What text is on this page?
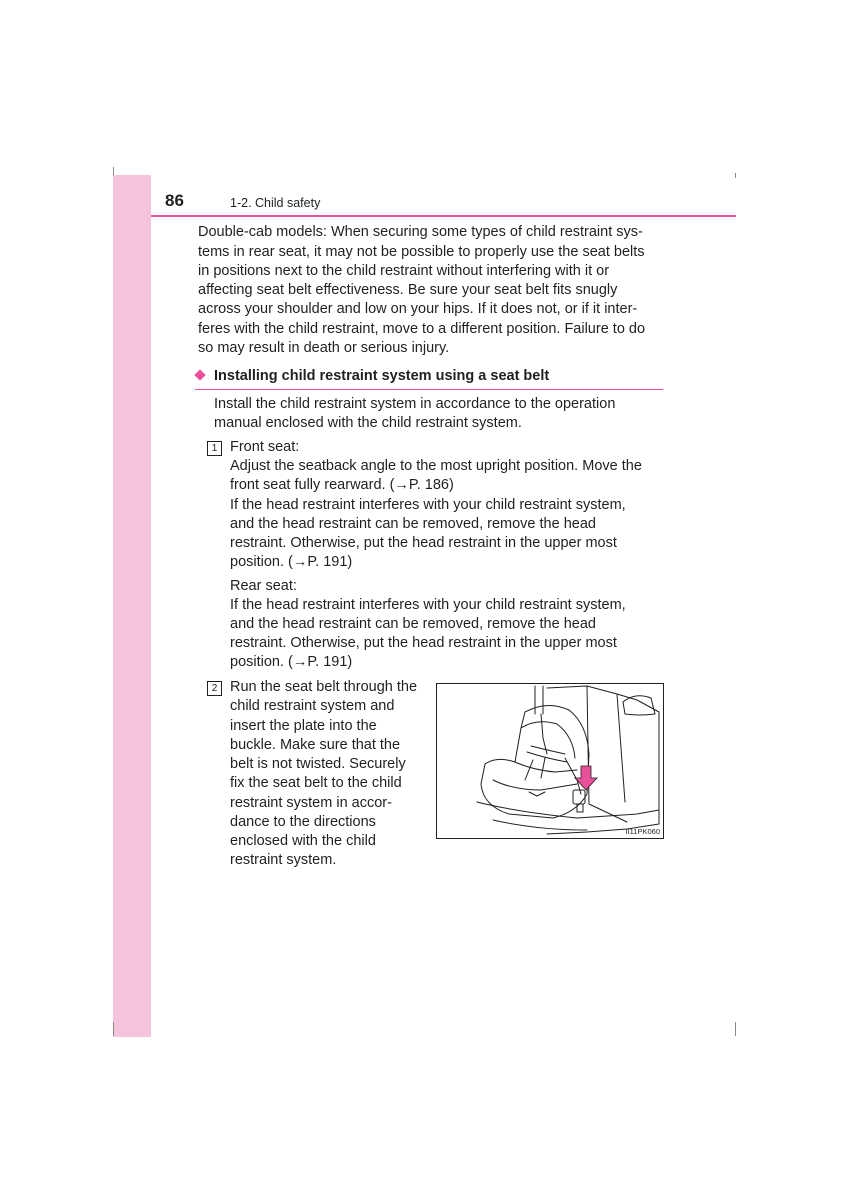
86	1-2. Child safety

Double-cab models: When securing some types of child restraint sys-

tems in rear seat, it may not be possible to properly use the seat belts

in positions next to the child restraint without interfering with it or

affecting seat belt effectiveness. Be sure your seat belt fits snugly

across your shoulder and low on your hips. If it does not, or if it inter-

feres with the child restraint, move to a different position. Failure to do

so may result in death or serious injury.

Installing child restraint system using a seat belt

Install the child restraint system in accordance to the operation

manual enclosed with the child restraint system.

1 Front seat:

Adjust the seatback angle to the most upright position. Move the

front seat fully rearward. (→P. 186)

If the head restraint interferes with your child restraint system,

and the head restraint can be removed, remove the head

restraint. Otherwise, put the head restraint in the upper most

position. (→P. 191)

Rear seat:

If the head restraint interferes with your child restraint system,

and the head restraint can be removed, remove the head

restraint. Otherwise, put the head restraint in the upper most

position. (→P. 191)

2 Run the seat belt through the

child restraint system and

insert the plate into the

buckle. Make sure that the

belt is not twisted. Securely

fix the seat belt to the child

restraint system in accor-

dance to the directions

enclosed with the child

restraint system.

II11PK060
